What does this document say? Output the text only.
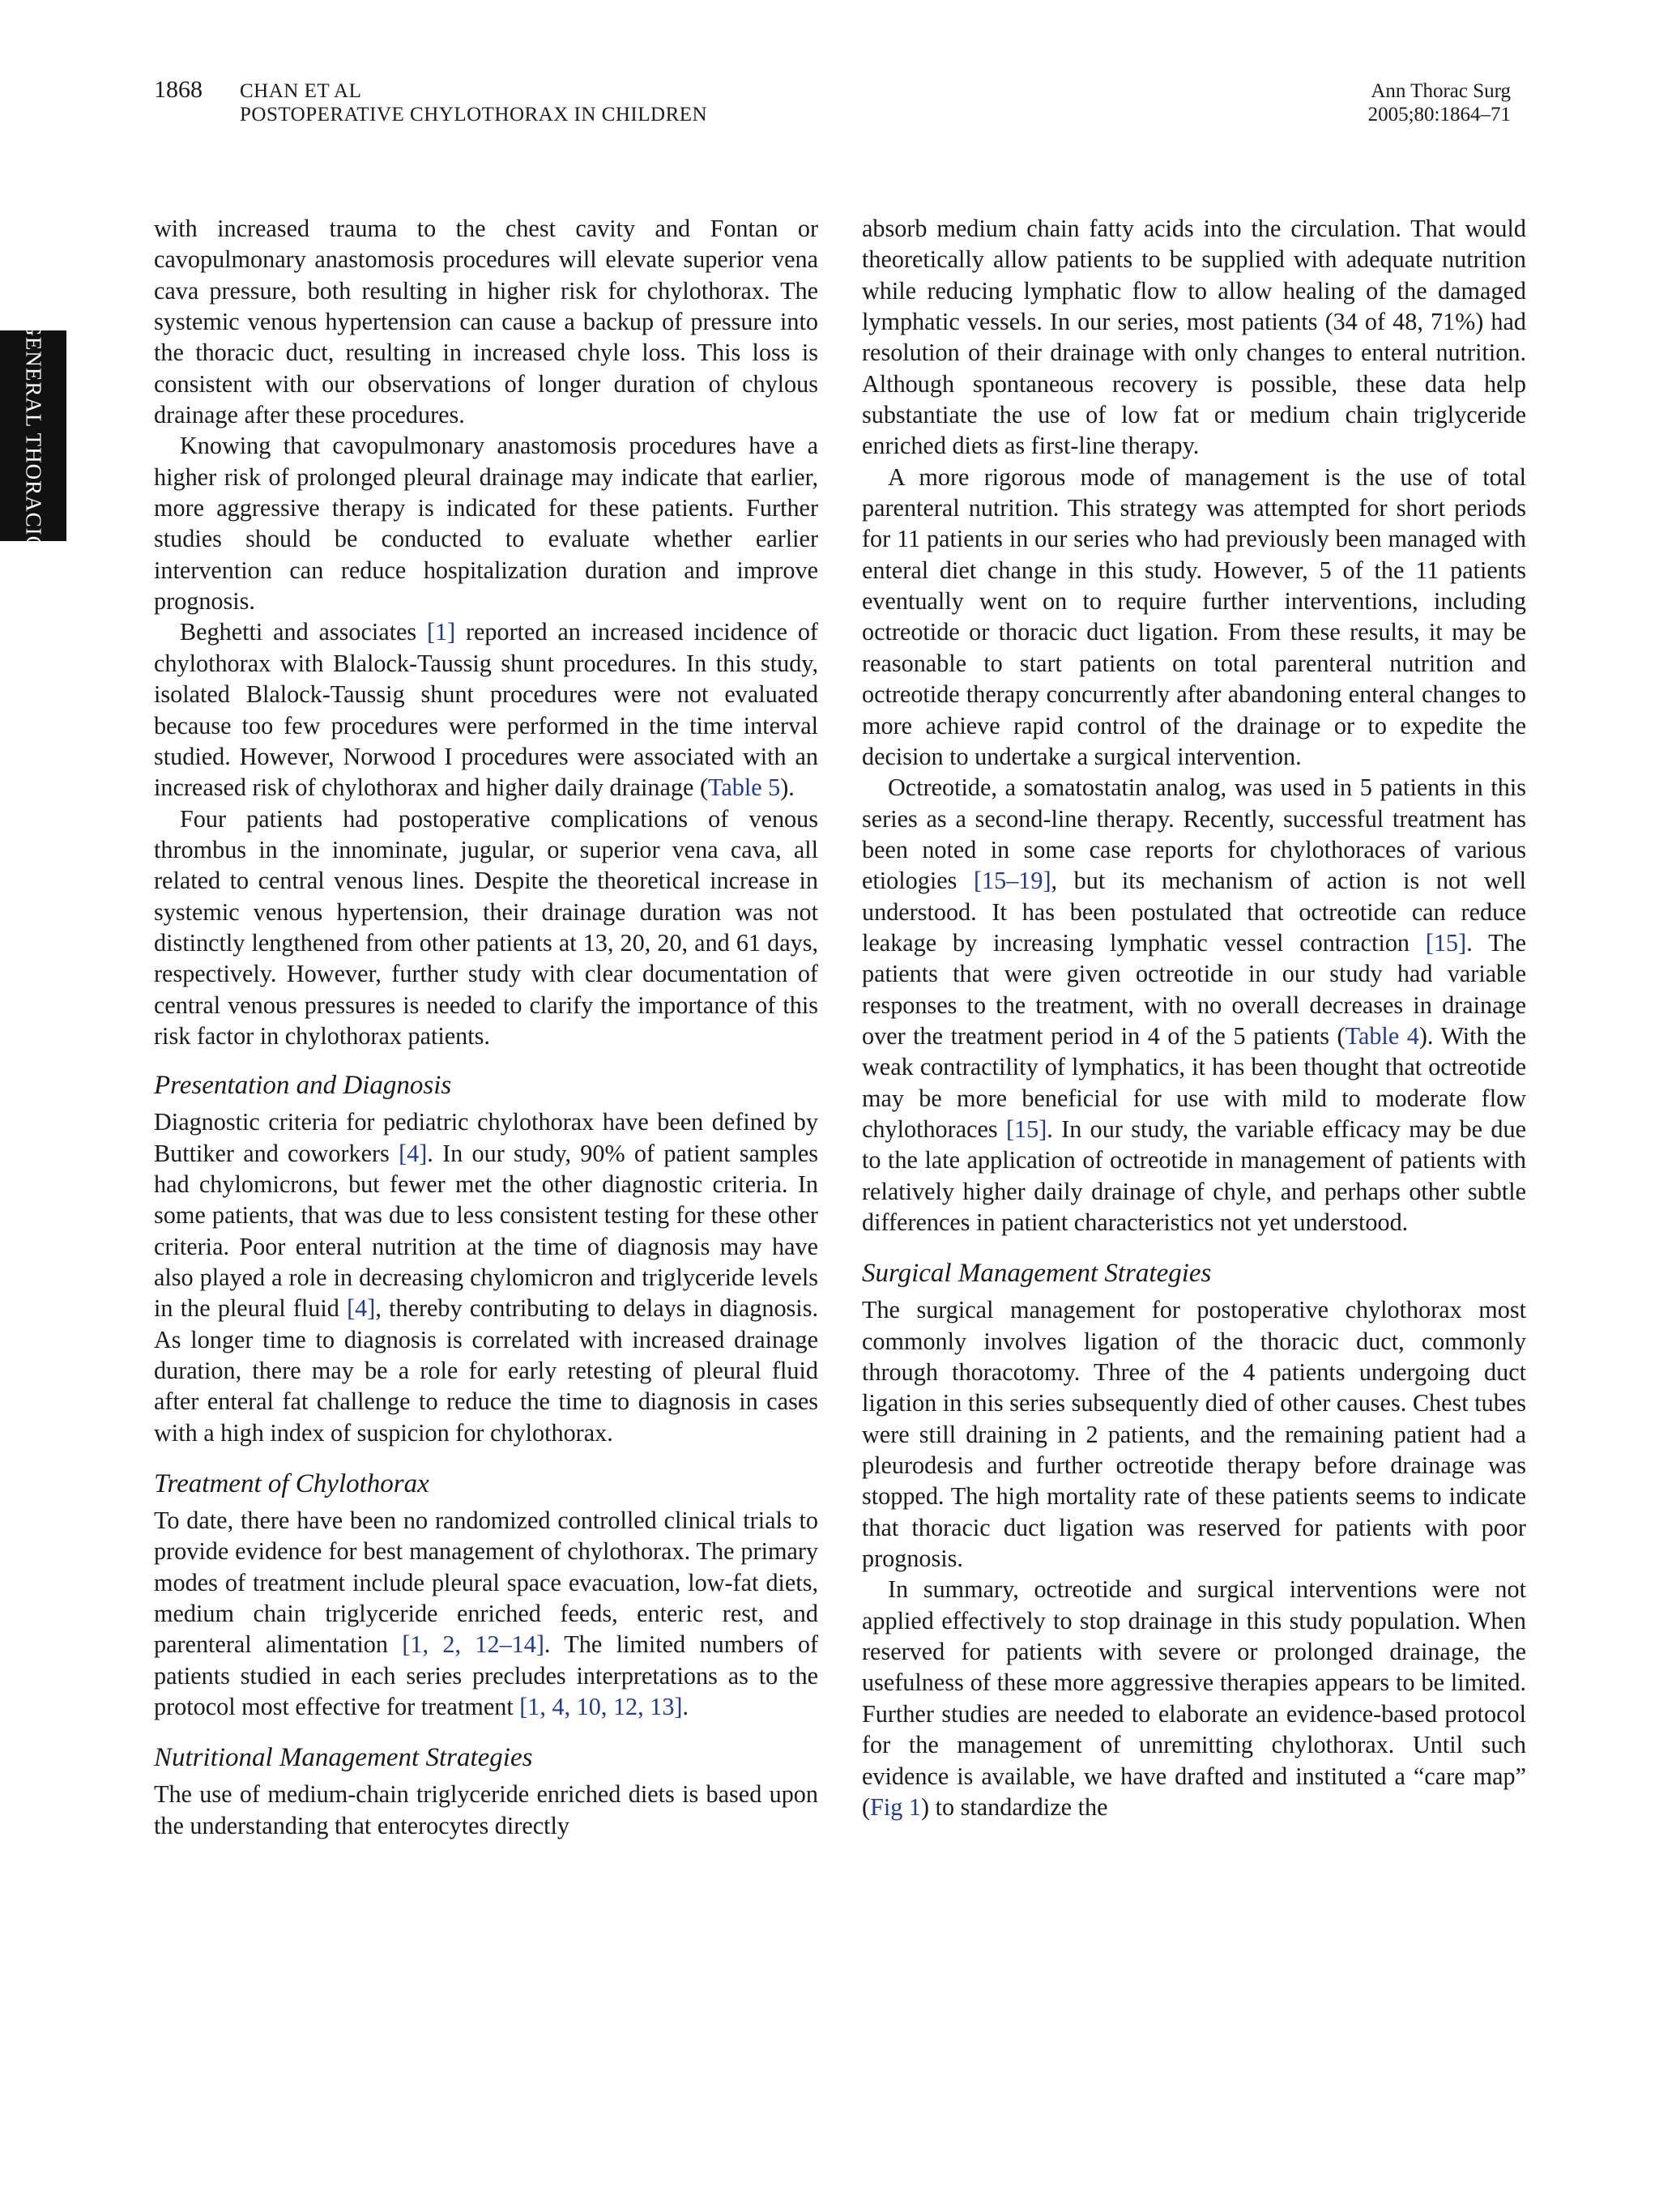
1868 CHAN ET AL
POSTOPERATIVE CHYLOTHORAX IN CHILDREN
Ann Thorac Surg
2005;80:1864–71
GENERAL THORACIC

with increased trauma to the chest cavity and Fontan or cavopulmonary anastomosis procedures will elevate superior vena cava pressure, both resulting in higher risk for chylothorax. The systemic venous hypertension can cause a backup of pressure into the thoracic duct, resulting in increased chyle loss. This loss is consistent with our observations of longer duration of chylous drainage after these procedures.

Knowing that cavopulmonary anastomosis procedures have a higher risk of prolonged pleural drainage may indicate that earlier, more aggressive therapy is indicated for these patients. Further studies should be conducted to evaluate whether earlier intervention can reduce hospitalization duration and improve prognosis.

Beghetti and associates [1] reported an increased incidence of chylothorax with Blalock-Taussig shunt procedures. In this study, isolated Blalock-Taussig shunt procedures were not evaluated because too few procedures were performed in the time interval studied. However, Norwood I procedures were associated with an increased risk of chylothorax and higher daily drainage (Table 5).

Four patients had postoperative complications of venous thrombus in the innominate, jugular, or superior vena cava, all related to central venous lines. Despite the theoretical increase in systemic venous hypertension, their drainage duration was not distinctly lengthened from other patients at 13, 20, 20, and 61 days, respectively. However, further study with clear documentation of central venous pressures is needed to clarify the importance of this risk factor in chylothorax patients.

Presentation and Diagnosis

Diagnostic criteria for pediatric chylothorax have been defined by Buttiker and coworkers [4]. In our study, 90% of patient samples had chylomicrons, but fewer met the other diagnostic criteria. In some patients, that was due to less consistent testing for these other criteria. Poor enteral nutrition at the time of diagnosis may have also played a role in decreasing chylomicron and triglyceride levels in the pleural fluid [4], thereby contributing to delays in diagnosis. As longer time to diagnosis is correlated with increased drainage duration, there may be a role for early retesting of pleural fluid after enteral fat challenge to reduce the time to diagnosis in cases with a high index of suspicion for chylothorax.

Treatment of Chylothorax

To date, there have been no randomized controlled clinical trials to provide evidence for best management of chylothorax. The primary modes of treatment include pleural space evacuation, low-fat diets, medium chain triglyceride enriched feeds, enteric rest, and parenteral alimentation [1, 2, 12–14]. The limited numbers of patients studied in each series precludes interpretations as to the protocol most effective for treatment [1, 4, 10, 12, 13].

Nutritional Management Strategies

The use of medium-chain triglyceride enriched diets is based upon the understanding that enterocytes directly

absorb medium chain fatty acids into the circulation. That would theoretically allow patients to be supplied with adequate nutrition while reducing lymphatic flow to allow healing of the damaged lymphatic vessels. In our series, most patients (34 of 48, 71%) had resolution of their drainage with only changes to enteral nutrition. Although spontaneous recovery is possible, these data help substantiate the use of low fat or medium chain triglyceride enriched diets as first-line therapy.

A more rigorous mode of management is the use of total parenteral nutrition. This strategy was attempted for short periods for 11 patients in our series who had previously been managed with enteral diet change in this study. However, 5 of the 11 patients eventually went on to require further interventions, including octreotide or thoracic duct ligation. From these results, it may be reasonable to start patients on total parenteral nutrition and octreotide therapy concurrently after abandoning enteral changes to more achieve rapid control of the drainage or to expedite the decision to undertake a surgical intervention.

Octreotide, a somatostatin analog, was used in 5 patients in this series as a second-line therapy. Recently, successful treatment has been noted in some case reports for chylothoraces of various etiologies [15–19], but its mechanism of action is not well understood. It has been postulated that octreotide can reduce leakage by increasing lymphatic vessel contraction [15]. The patients that were given octreotide in our study had variable responses to the treatment, with no overall decreases in drainage over the treatment period in 4 of the 5 patients (Table 4). With the weak contractility of lymphatics, it has been thought that octreotide may be more beneficial for use with mild to moderate flow chylothoraces [15]. In our study, the variable efficacy may be due to the late application of octreotide in management of patients with relatively higher daily drainage of chyle, and perhaps other subtle differences in patient characteristics not yet understood.

Surgical Management Strategies

The surgical management for postoperative chylothorax most commonly involves ligation of the thoracic duct, commonly through thoracotomy. Three of the 4 patients undergoing duct ligation in this series subsequently died of other causes. Chest tubes were still draining in 2 patients, and the remaining patient had a pleurodesis and further octreotide therapy before drainage was stopped. The high mortality rate of these patients seems to indicate that thoracic duct ligation was reserved for patients with poor prognosis.

In summary, octreotide and surgical interventions were not applied effectively to stop drainage in this study population. When reserved for patients with severe or prolonged drainage, the usefulness of these more aggressive therapies appears to be limited. Further studies are needed to elaborate an evidence-based protocol for the management of unremitting chylothorax. Until such evidence is available, we have drafted and instituted a “care map” (Fig 1) to standardize the
